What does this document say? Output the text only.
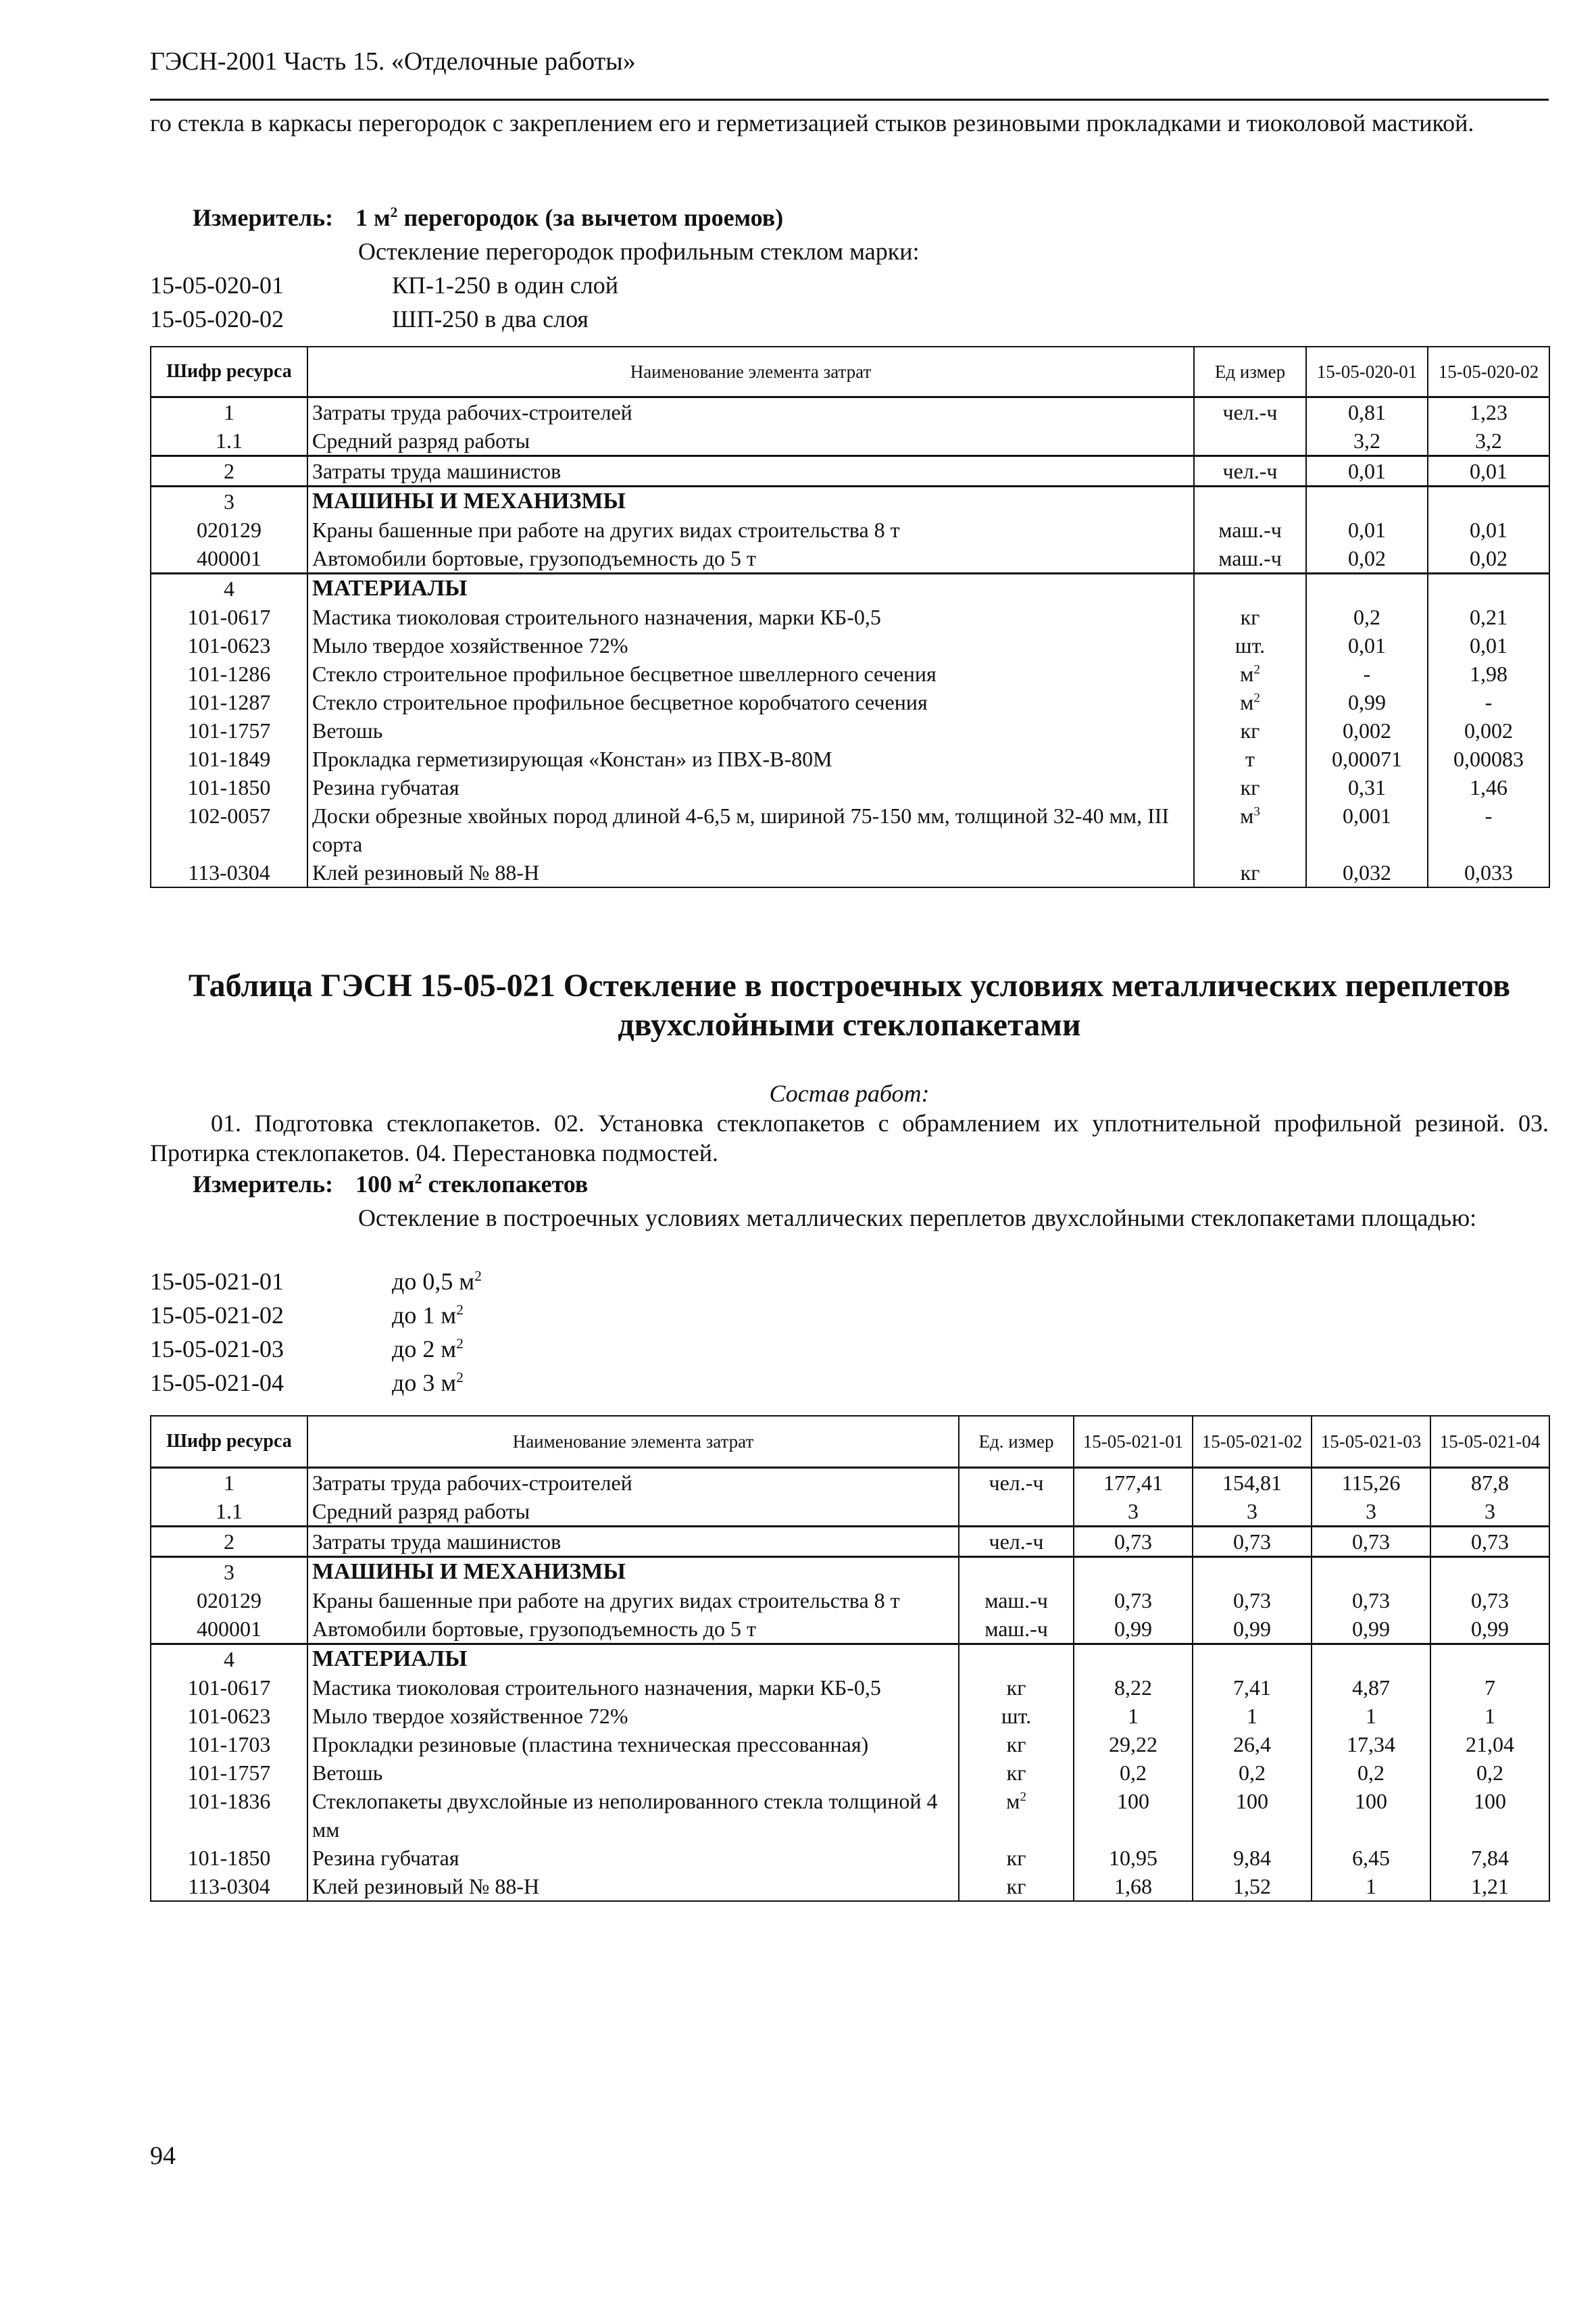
ГЭСН-2001 Часть 15. «Отделочные работы»
го стекла в каркасы перегородок с закреплением его и герметизацией стыков резиновыми прокладками и тиоколовой мастикой.
Измеритель: 1 $м^2$ перегородок (за вычетом проемов)
Остекление перегородок профильным стеклом марки:
15-05-020-01	КП-1-250 в один слой
15-05-020-02	ШП-250 в два слоя
Шифр ресурса	Наименование элемента затрат	Ед измер	15-05-020-01	15-05-020-02
1	Затраты труда рабочих-строителей	чел.-ч	0,81	1,23
1.1	Средний разряд работы		3,2	3,2
2	Затраты труда машинистов	чел.-ч	0,01	0,01
3	МАШИНЫ И МЕХАНИЗМЫ			
020129	Краны башенные при работе на других видах строительства 8 т	маш.-ч	0,01	0,01
400001	Автомобили бортовые, грузоподъемность до 5 т	маш.-ч	0,02	0,02
4	МАТЕРИАЛЫ			
101-0617	Мастика тиоколовая строительного назначения, марки КБ-0,5	кг	0,2	0,21
101-0623	Мыло твердое хозяйственное 72%	шт.	0,01	0,01
101-1286	Стекло строительное профильное бесцветное швеллерного сечения	$м^2$	-	1,98
101-1287	Стекло строительное профильное бесцветное коробчатого сечения	$м^2$	0,99	-
101-1757	Ветошь	кг	0,002	0,002
101-1849	Прокладка герметизирующая «Констан» из ПВХ-В-80М	т	0,00071	0,00083
101-1850	Резина губчатая	кг	0,31	1,46
102-0057	Доски обрезные хвойных пород длиной 4-6,5 м, шириной 75-150 мм, толщиной 32-40 мм, III сорта	$м^3$	0,001	-
113-0304	Клей резиновый № 88-Н	кг	0,032	0,033
Таблица ГЭСН 15-05-021 Остекление в построечных условиях металлических переплетов двухслойными стеклопакетами
Состав работ:
01. Подготовка стеклопакетов. 02. Установка стеклопакетов с обрамлением их уплотнительной профильной резиной. 03. Протирка стеклопакетов. 04. Перестановка подмостей.
Измеритель: 100 $м^2$ стеклопакетов
Остекление в построечных условиях металлических переплетов двухслойными стеклопакетами площадью:
15-05-021-01	до 0,5 $м^2$
15-05-021-02	до 1 $м^2$
15-05-021-03	до 2 $м^2$
15-05-021-04	до 3 $м^2$
Шифр ресурса	Наименование элемента затрат	Ед. измер	15-05-021-01	15-05-021-02	15-05-021-03	15-05-021-04
1	Затраты труда рабочих-строителей	чел.-ч	177,41	154,81	115,26	87,8
1.1	Средний разряд работы		3	3	3	3
2	Затраты труда машинистов	чел.-ч	0,73	0,73	0,73	0,73
3	МАШИНЫ И МЕХАНИЗМЫ					
020129	Краны башенные при работе на других видах строительства 8 т	маш.-ч	0,73	0,73	0,73	0,73
400001	Автомобили бортовые, грузоподъемность до 5 т	маш.-ч	0,99	0,99	0,99	0,99
4	МАТЕРИАЛЫ					
101-0617	Мастика тиоколовая строительного назначения, марки КБ-0,5	кг	8,22	7,41	4,87	7
101-0623	Мыло твердое хозяйственное 72%	шт.	1	1	1	1
101-1703	Прокладки резиновые (пластина техническая прессованная)	кг	29,22	26,4	17,34	21,04
101-1757	Ветошь	кг	0,2	0,2	0,2	0,2
101-1836	Стеклопакеты двухслойные из неполированного стекла толщиной 4 мм	$м^2$	100	100	100	100
101-1850	Резина губчатая	кг	10,95	9,84	6,45	7,84
113-0304	Клей резиновый № 88-Н	кг	1,68	1,52	1	1,21
94
